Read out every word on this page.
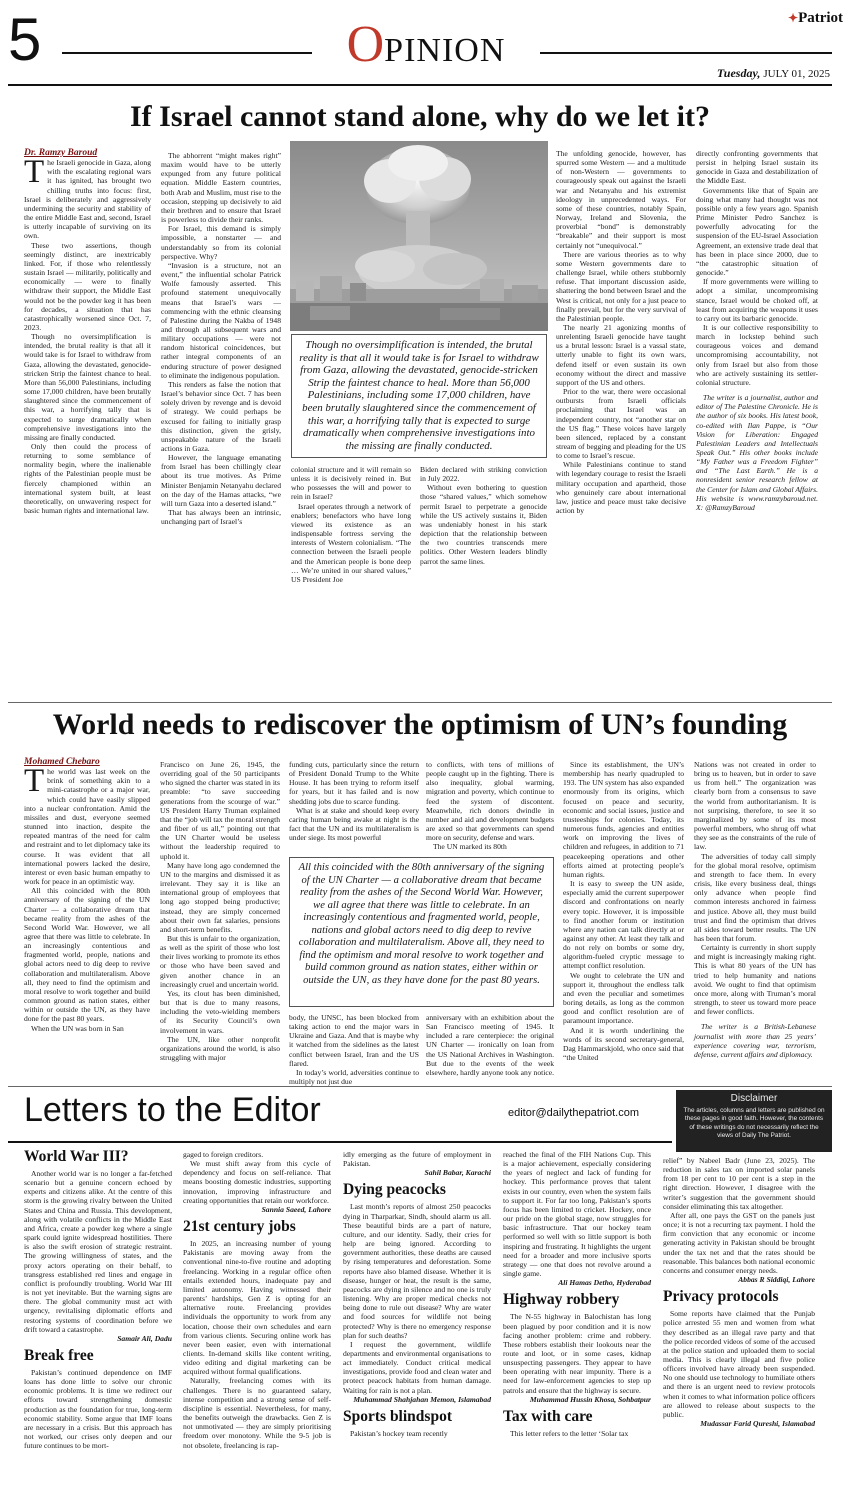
5	OPINION
✦Patriot
Tuesday, JULY 01, 2025
If Israel cannot stand alone, why do we let it?

Dr. Ramzy Baroud

The Israeli genocide in Gaza, along with the escalating regional wars it has ignited, has brought two chilling truths into focus: first, Israel is deliberately and aggressively undermining the security and stability of the entire Middle East and, second, Israel is utterly incapable of surviving on its own.

These two assertions, though seemingly distinct, are inextricably linked. For, if those who relentlessly sustain Israel — militarily, politically and economically — were to finally withdraw their support, the Middle East would not be the powder keg it has been for decades, a situation that has catastrophically worsened since Oct. 7, 2023.

Though no oversimplification is intended, the brutal reality is that all it would take is for Israel to withdraw from Gaza, allowing the devastated, genocide-stricken Strip the faintest chance to heal. More than 56,000 Palestinians, including some 17,000 children, have been brutally slaughtered since the commencement of this war, a horrifying tally that is expected to surge dramatically when comprehensive investigations into the missing are finally conducted.

Only then could the process of returning to some semblance of normality begin, where the inalienable rights of the Palestinian people must be fiercely championed within an international system built, at least theoretically, on unwavering respect for basic human rights and international law.

The abhorrent “might makes right” maxim would have to be utterly expunged from any future political equation. Middle Eastern countries, both Arab and Muslim, must rise to the occasion, stepping up decisively to aid their brethren and to ensure that Israel is powerless to divide their ranks.

For Israel, this demand is simply impossible, a nonstarter — and understandably so from its colonial perspective. Why?

“Invasion is a structure, not an event,” the influential scholar Patrick Wolfe famously asserted. This profound statement unequivocally means that Israel’s wars — commencing with the ethnic cleansing of Palestine during the Nakba of 1948 and through all subsequent wars and military occupations — were not random historical coincidences, but rather integral components of an enduring structure of power designed to eliminate the indigenous population.

This renders as false the notion that Israel’s behavior since Oct. 7 has been solely driven by revenge and is devoid of strategy. We could perhaps be excused for failing to initially grasp this distinction, given the grisly, unspeakable nature of the Israeli actions in Gaza.

However, the language emanating from Israel has been chillingly clear about its true motives. As Prime Minister Benjamin Netanyahu declared on the day of the Hamas attacks, “we will turn Gaza into a deserted island.”

That has always been an intrinsic, unchanging part of Israel’s

Though no oversimplification is intended, the brutal reality is that all it would take is for Israel to withdraw from Gaza, allowing the devastated, genocide-stricken Strip the faintest chance to heal. More than 56,000 Palestinians, including some 17,000 children, have been brutally slaughtered since the commencement of this war, a horrifying tally that is expected to surge dramatically when comprehensive investigations into the missing are finally conducted.

colonial structure and it will remain so unless it is decisively reined in. But who possesses the will and power to rein in Israel?

Israel operates through a network of enablers; benefactors who have long viewed its existence as an indispensable fortress serving the interests of Western colonialism. “The connection between the Israeli people and the American people is bone deep … We’re united in our shared values,” US President Joe

Biden declared with striking conviction in July 2022.

Without even bothering to question those “shared values,” which somehow permit Israel to perpetrate a genocide while the US actively sustains it, Biden was undeniably honest in his stark depiction that the relationship between the two countries transcends mere politics. Other Western leaders blindly parrot the same lines.

The unfolding genocide, however, has spurred some Western — and a multitude of non-Western — governments to courageously speak out against the Israeli war and Netanyahu and his extremist ideology in unprecedented ways. For some of these countries, notably Spain, Norway, Ireland and Slovenia, the proverbial “bond” is demonstrably “breakable” and their support is most certainly not “unequivocal.”

There are various theories as to why some Western governments dare to challenge Israel, while others stubbornly refuse. That important discussion aside, shattering the bond between Israel and the West is critical, not only for a just peace to finally prevail, but for the very survival of the Palestinian people.

The nearly 21 agonizing months of unrelenting Israeli genocide have taught us a brutal lesson: Israel is a vassal state, utterly unable to fight its own wars, defend itself or even sustain its own economy without the direct and massive support of the US and others.

Prior to the war, there were occasional outbursts from Israeli officials proclaiming that Israel was an independent country, not “another star on the US flag.” These voices have largely been silenced, replaced by a constant stream of begging and pleading for the US to come to Israel’s rescue.

While Palestinians continue to stand with legendary courage to resist the Israeli military occupation and apartheid, those who genuinely care about international law, justice and peace must take decisive action by

directly confronting governments that persist in helping Israel sustain its genocide in Gaza and destabilization of the Middle East.

Governments like that of Spain are doing what many had thought was not possible only a few years ago. Spanish Prime Minister Pedro Sanchez is powerfully advocating for the suspension of the EU-Israel Association Agreement, an extensive trade deal that has been in place since 2000, due to “the catastrophic situation of genocide.”

If more governments were willing to adopt a similar, uncompromising stance, Israel would be choked off, at least from acquiring the weapons it uses to carry out its barbaric genocide.

It is our collective responsibility to march in lockstep behind such courageous voices and demand uncompromising accountability, not only from Israel but also from those who are actively sustaining its settler-colonial structure.

The writer is a journalist, author and editor of The Palestine Chronicle. He is the author of six books. His latest book, co-edited with Ilan Pappe, is “Our Vision for Liberation: Engaged Palestinian Leaders and Intellectuals Speak Out.” His other books include “My Father was a Freedom Fighter” and “The Last Earth.” He is a nonresident senior research fellow at the Center for Islam and Global Affairs. His website is www.ramzybaroud.net. X: @RamzyBaroud

World needs to rediscover the optimism of UN’s founding

Mohamed Chebaro

The world was last week on the brink of something akin to a mini-catastrophe or a major war, which could have easily slipped into a nuclear confrontation. Amid the missiles and dust, everyone seemed stunned into inaction, despite the repeated mantras of the need for calm and restraint and to let diplomacy take its course. It was evident that all international powers lacked the desire, interest or even basic human empathy to work for peace in an optimistic way.

All this coincided with the 80th anniversary of the signing of the UN Charter — a collaborative dream that became reality from the ashes of the Second World War. However, we all agree that there was little to celebrate. In an increasingly contentious and fragmented world, people, nations and global actors need to dig deep to revive collaboration and multilateralism. Above all, they need to find the optimism and moral resolve to work together and build common ground as nation states, either within or outside the UN, as they have done for the past 80 years.

When the UN was born in San

Francisco on June 26, 1945, the overriding goal of the 50 participants who signed the charter was stated in its preamble: “to save succeeding generations from the scourge of war.” US President Harry Truman explained that the “job will tax the moral strength and fiber of us all,” pointing out that the UN Charter would be useless without the leadership required to uphold it.

Many have long ago condemned the UN to the margins and dismissed it as irrelevant. They say it is like an international group of employees that long ago stopped being productive; instead, they are simply concerned about their own fat salaries, pensions and short-term benefits.

But this is unfair to the organization, as well as the spirit of those who lost their lives working to promote its ethos or those who have been saved and given another chance in an increasingly cruel and uncertain world.

Yes, its clout has been diminished, but that is due to many reasons, including the veto-wielding members of its Security Council’s own involvement in wars.

The UN, like other nonprofit organizations around the world, is also struggling with major

funding cuts, particularly since the return of President Donald Trump to the White House. It has been trying to reform itself for years, but it has failed and is now shedding jobs due to scarce funding.

What is at stake and should keep every caring human being awake at night is the fact that the UN and its multilateralism is under siege. Its most powerful

to conflicts, with tens of millions of people caught up in the fighting. There is also inequality, global warming, migration and poverty, which continue to feed the system of discontent. Meanwhile, rich donors dwindle in number and aid and development budgets are axed so that governments can spend more on security, defense and wars.

The UN marked its 80th

All this coincided with the 80th anniversary of the signing of the UN Charter — a collaborative dream that became reality from the ashes of the Second World War. However, we all agree that there was little to celebrate. In an increasingly contentious and fragmented world, people, nations and global actors need to dig deep to revive collaboration and multilateralism. Above all, they need to find the optimism and moral resolve to work together and build common ground as nation states, either within or outside the UN, as they have done for the past 80 years.

body, the UNSC, has been blocked from taking action to end the major wars in Ukraine and Gaza. And that is maybe why it watched from the sidelines as the latest conflict between Israel, Iran and the US flared.

In today’s world, adversities continue to multiply not just due

anniversary with an exhibition about the San Francisco meeting of 1945. It included a rare centerpiece: the original UN Charter — ironically on loan from the US National Archives in Washington. But due to the events of the week elsewhere, hardly anyone took any notice.

Since its establishment, the UN’s membership has nearly quadrupled to 193. The UN system has also expanded enormously from its origins, which focused on peace and security, economic and social issues, justice and trusteeships for colonies. Today, its numerous funds, agencies and entities work on improving the lives of children and refugees, in addition to 71 peacekeeping operations and other efforts aimed at protecting people’s human rights.

It is easy to sweep the UN aside, especially amid the current superpower discord and confrontations on nearly every topic. However, it is impossible to find another forum or institution where any nation can talk directly at or against any other. At least they talk and do not rely on bombs or some dry, algorithm-fueled cryptic message to attempt conflict resolution.

We ought to celebrate the UN and support it, throughout the endless talk and even the peculiar and sometimes boring details, as long as the common good and conflict resolution are of paramount importance.

And it is worth underlining the words of its second secretary-general, Dag Hammarskjold, who once said that “the United

Nations was not created in order to bring us to heaven, but in order to save us from hell.” The organization was clearly born from a consensus to save the world from authoritarianism. It is not surprising, therefore, to see it so marginalized by some of its most powerful members, who shrug off what they see as the constraints of the rule of law.

The adversities of today call simply for the global moral resolve, optimism and strength to face them. In every crisis, like every business deal, things only advance when people find common interests anchored in fairness and justice. Above all, they must build trust and find the optimism that drives all sides toward better results. The UN has been that forum.

Certainty is currently in short supply and might is increasingly making right. This is what 80 years of the UN has tried to help humanity and nations avoid. We ought to find that optimism once more, along with Truman’s moral strength, to steer us toward more peace and fewer conflicts.

The writer is a British-Lebanese journalist with more than 25 years’ experience covering war, terrorism, defense, current affairs and diplomacy.

Letters to the Editor	editor@dailythepatriot.com
Disclaimer
The articles, columns and letters are published on these pages in good faith. However, the contents of these writings do not necessarily reflect the views of Daily The Patriot.
World War III?

Another world war is no longer a far-fetched scenario but a genuine concern echoed by experts and citizens alike. At the centre of this storm is the growing rivalry between the United States and China and Russia. This development, along with volatile conflicts in the Middle East and Africa, create a powder keg where a single spark could ignite widespread hostilities. There is also the swift erosion of strategic restraint. The growing willingness of states, and the proxy actors operating on their behalf, to transgress established red lines and engage in conflict is profoundly troubling. World War III is not yet inevitable. But the warning signs are there. The global community must act with urgency, revitalising diplomatic efforts and restoring systems of coordination before we drift toward a catastrophe.

Samair Ali, Dadu

Break free

Pakistan’s continued dependence on IMF loans has done little to solve our chronic economic problems. It is time we redirect our efforts toward strengthening domestic production as the foundation for true, long-term economic stability. Some argue that IMF loans are necessary in a crisis. But this approach has not worked, our crises only deepen and our future continues to be mort-

gaged to foreign creditors.

We must shift away from this cycle of dependency and focus on self-reliance. That means boosting domestic industries, supporting innovation, improving infrastructure and creating opportunities that retain our workforce.

Sannia Saeed, Lahore

21st century jobs

In 2025, an increasing number of young Pakistanis are moving away from the conventional nine-to-five routine and adopting freelancing. Working in a regular office often entails extended hours, inadequate pay and limited autonomy. Having witnessed their parents’ hardships, Gen Z is opting for an alternative route. Freelancing provides individuals the opportunity to work from any location, choose their own schedules and earn from various clients. Securing online work has never been easier, even with international clients. In-demand skills like content writing, video editing and digital marketing can be acquired without formal qualifications.

Naturally, freelancing comes with its challenges. There is no guaranteed salary, intense competition and a strong sense of self-discipline is essential. Nevertheless, for many, the benefits outweigh the drawbacks. Gen Z is not unmotivated — they are simply prioritising freedom over monotony. While the 9-5 job is not obsolete, freelancing is rap-

idly emerging as the future of employment in Pakistan.

Sahil Babar, Karachi

Dying peacocks

Last month’s reports of almost 250 peacocks dying in Tharparkar, Sindh, should alarm us all. These beautiful birds are a part of nature, culture, and our identity. Sadly, their cries for help are being ignored. According to government authorities, these deaths are caused by rising temperatures and deforestation. Some reports have also blamed disease. Whether it is disease, hunger or heat, the result is the same, peacocks are dying in silence and no one is truly listening. Why are proper medical checks not being done to rule out disease? Why are water and food sources for wildlife not being protected? Why is there no emergency response plan for such deaths?

I request the government, wildlife departments and environmental organisations to act immediately. Conduct critical medical investigations, provide food and clean water and protect peacock habitats from human damage. Waiting for rain is not a plan.

Muhammad Shahjahan Memon, Islamabad

Sports blindspot

Pakistan’s hockey team recently

reached the final of the FIH Nations Cup. This is a major achievement, especially considering the years of neglect and lack of funding for hockey. This performance proves that talent exists in our country, even when the system fails to support it. For far too long, Pakistan’s sports focus has been limited to cricket. Hockey, once our pride on the global stage, now struggles for basic infrastructure. That our hockey team performed so well with so little support is both inspiring and frustrating. It highlights the urgent need for a broader and more inclusive sports strategy — one that does not revolve around a single game.

Ali Hamas Detho, Hyderabad

Highway robbery

The N-55 highway in Balochistan has long been plagued by poor condition and it is now facing another problem: crime and robbery. These robbers establish their lookouts near the route and loot, or in some cases, kidnap unsuspecting passengers. They appear to have been operating with near impunity. There is a need for law-enforcement agencies to step up patrols and ensure that the highway is secure.

Muhammad Hussin Khosa, Sohbatpur

Tax with care

This letter refers to the letter ‘Solar tax

relief” by Nabeel Badr (June 23, 2025). The reduction in sales tax on imported solar panels from 18 per cent to 10 per cent is a step in the right direction. However, I disagree with the writer’s suggestion that the government should consider eliminating this tax altogether.

After all, one pays the GST on the panels just once; it is not a recurring tax payment. I hold the firm conviction that any economic or income generating activity in Pakistan should be brought under the tax net and that the rates should be reasonable. This balances both national economic concerns and consumer energy needs.

Abbas R Siddiqi, Lahore

Privacy protocols

Some reports have claimed that the Punjab police arrested 55 men and women from what they described as an illegal rave party and that the police recorded videos of some of the accused at the police station and uploaded them to social media. This is clearly illegal and five police officers involved have already been suspended. No one should use technology to humiliate others and there is an urgent need to review protocols when it comes to what information police officers are allowed to release about suspects to the public.

Mudassar Farid Qureshi, Islamabad
